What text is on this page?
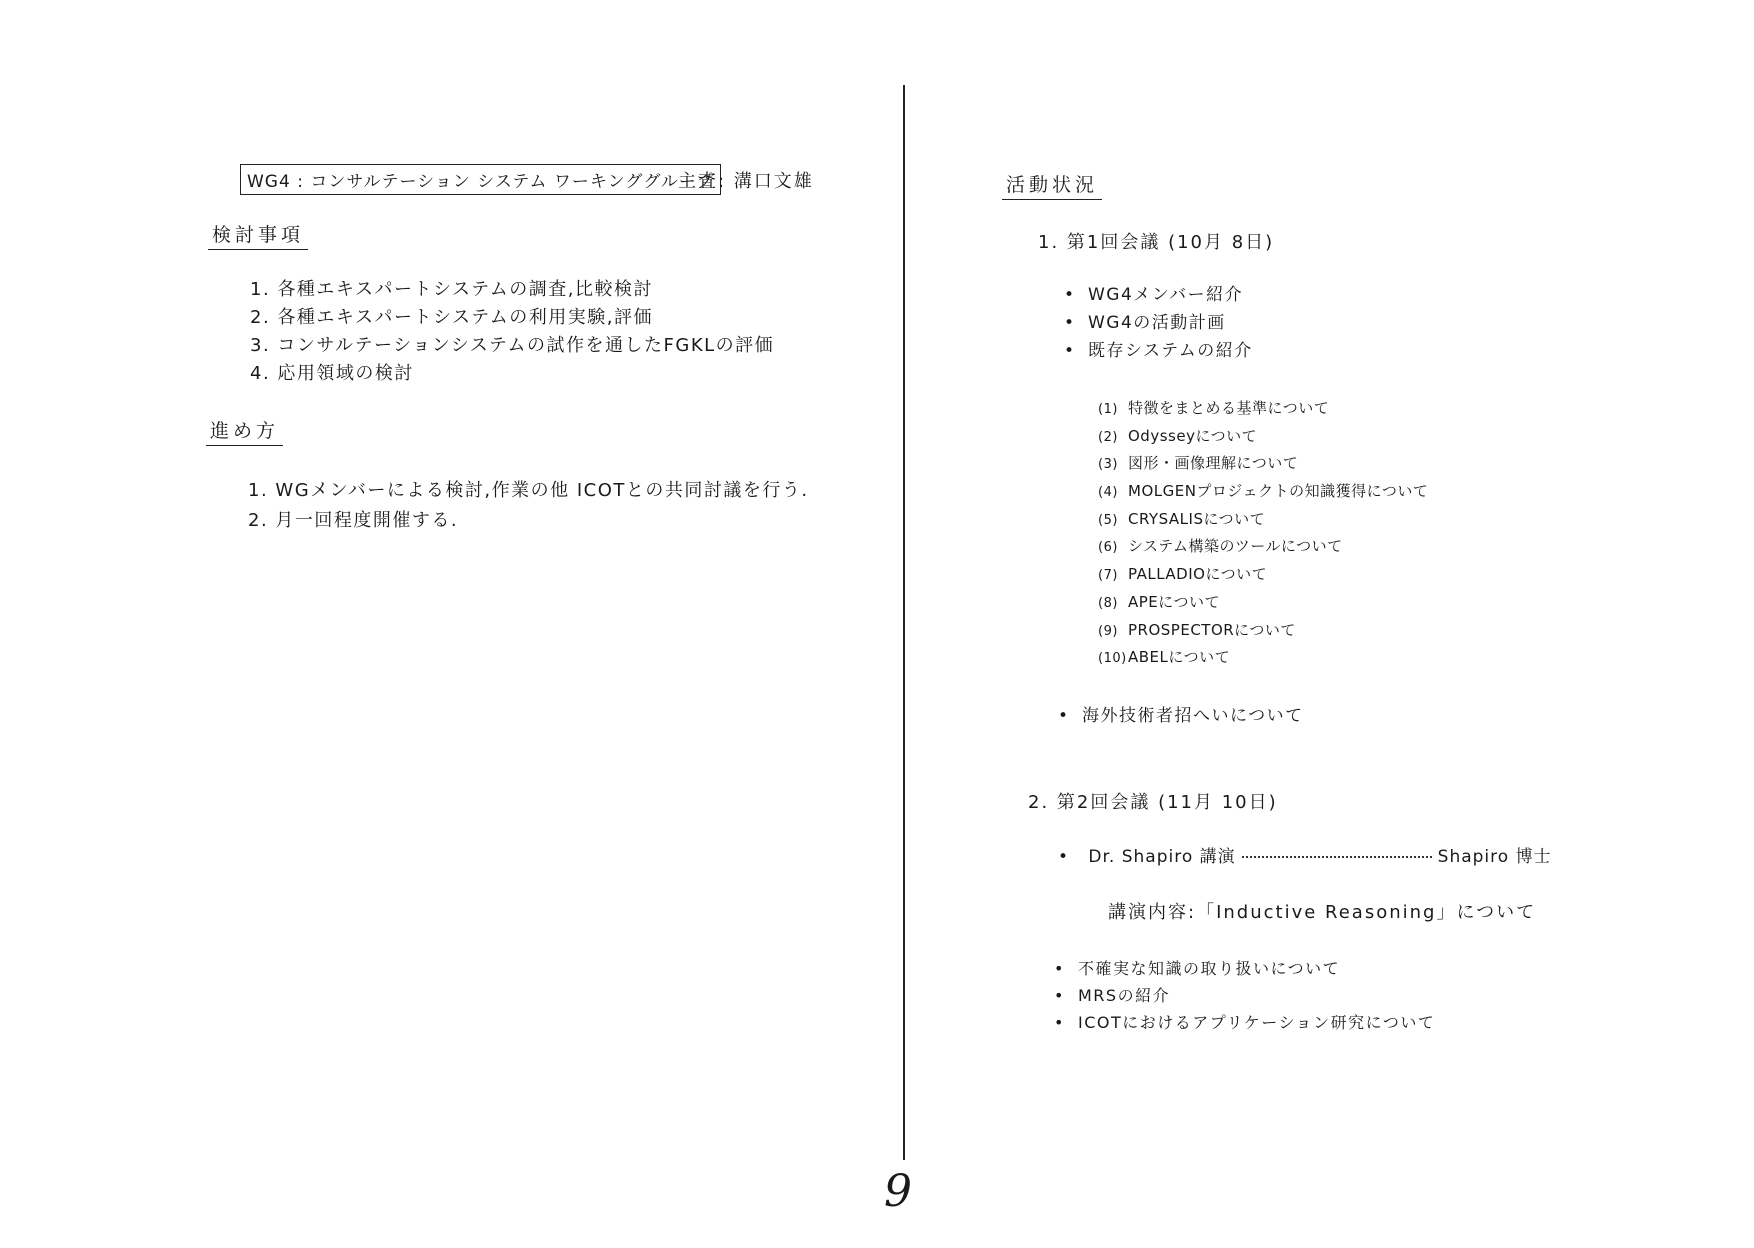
WG4 : コンサルテーション システム ワーキンググループ
主査: 溝口文雄
検討事項
1. 各種エキスパートシステムの調査,比較検討
2. 各種エキスパートシステムの利用実験,評価
3. コンサルテーションシステムの試作を通したFGKLの評価
4. 応用領域の検討
進め方
1. WGメンバーによる検討,作業の他 ICOTとの共同討議を行う.
2. 月一回程度開催する.
活動状況
1. 第1回会議 (10月 8日)
• WG4メンバー紹介
• WG4の活動計画
• 既存システムの紹介
(1) 特徴をまとめる基準について
(2) Odysseyについて
(3) 図形・画像理解について
(4) MOLGENプロジェクトの知識獲得について
(5) CRYSALISについて
(6) システム構築のツールについて
(7) PALLADIOについて
(8) APEについて
(9) PROSPECTORについて
(10)ABELについて
• 海外技術者招へいについて
2. 第2回会議 (11月 10日)
• Dr. Shapiro 講演	Shapiro 博士
講演内容:「Inductive Reasoning」について
• 不確実な知識の取り扱いについて
• MRSの紹介
• ICOTにおけるアプリケーション研究について
9
